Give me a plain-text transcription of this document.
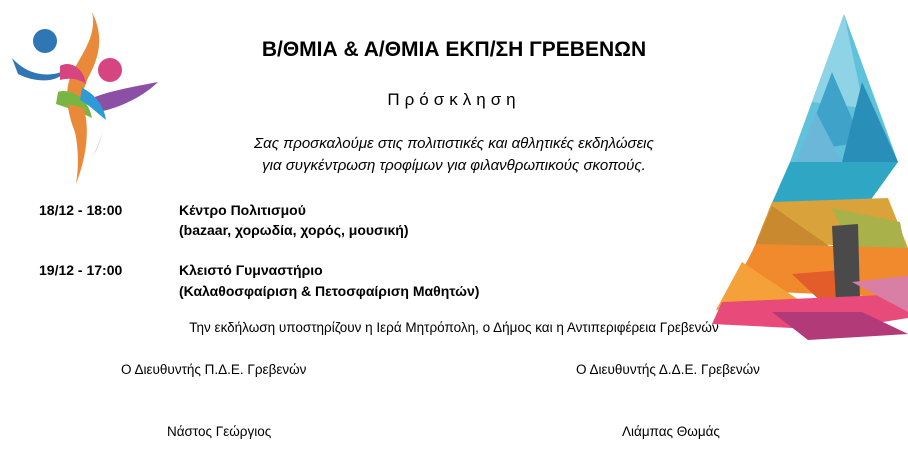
Β/ΘΜΙΑ & Α/ΘΜΙΑ ΕΚΠ/ΣΗ ΓΡΕΒΕΝΩΝ
Πρόσκληση
Σας προσκαλούμε στις πολιτιστικές και αθλητικές εκδηλώσεις
για συγκέντρωση τροφίμων για φιλανθρωπικούς σκοπούς.
18/12 - 18:00	Κέντρο Πολιτισμού
(bazaar, χορωδία, χορός, μουσική)
19/12 - 17:00	Κλειστό Γυμναστήριο
(Καλαθοσφαίριση & Πετοσφαίριση Μαθητών)
Την εκδήλωση υποστηρίζουν η Ιερά Μητρόπολη, ο Δήμος και η Αντιπεριφέρεια Γρεβενών
Ο Διευθυντής Π.Δ.Ε. Γρεβενών	Ο Διευθυντής Δ.Δ.Ε. Γρεβενών
Νάστος Γεώργιος	Λιάμπας Θωμάς
